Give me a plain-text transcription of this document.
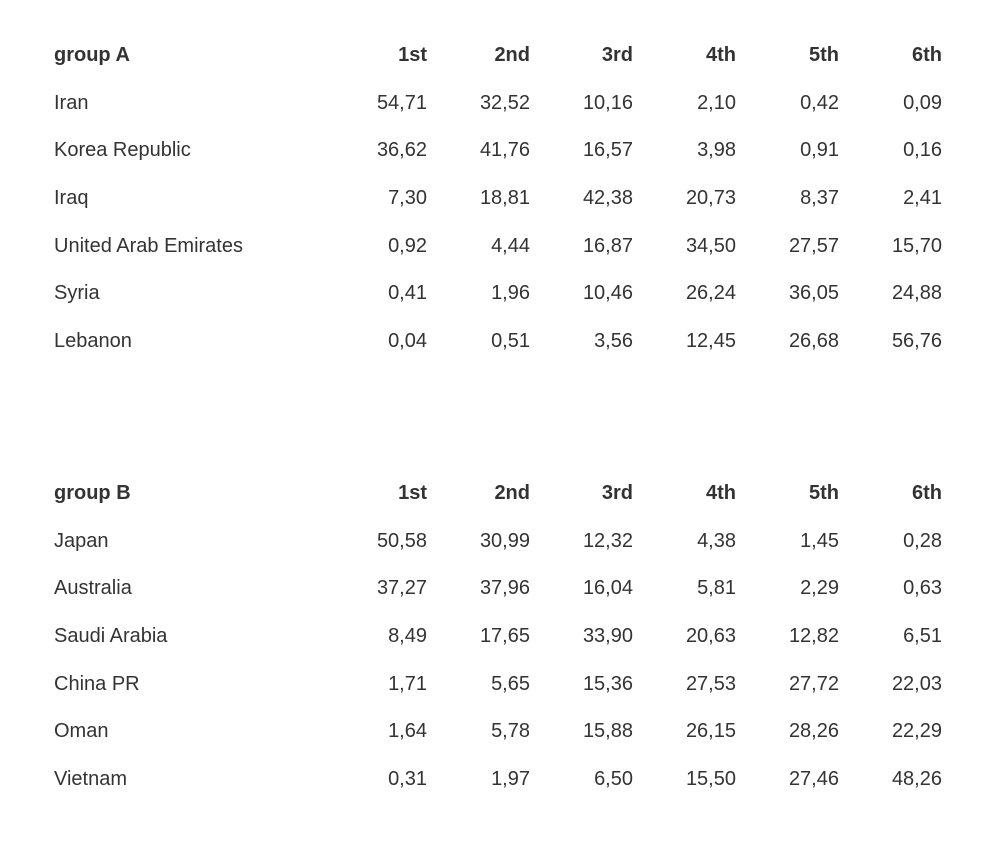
group A	1st	2nd	3rd	4th	5th	6th
Iran	54,71	32,52	10,16	2,10	0,42	0,09
Korea Republic	36,62	41,76	16,57	3,98	0,91	0,16
Iraq	7,30	18,81	42,38	20,73	8,37	2,41
United Arab Emirates	0,92	4,44	16,87	34,50	27,57	15,70
Syria	0,41	1,96	10,46	26,24	36,05	24,88
Lebanon	0,04	0,51	3,56	12,45	26,68	56,76
group B	1st	2nd	3rd	4th	5th	6th
Japan	50,58	30,99	12,32	4,38	1,45	0,28
Australia	37,27	37,96	16,04	5,81	2,29	0,63
Saudi Arabia	8,49	17,65	33,90	20,63	12,82	6,51
China PR	1,71	5,65	15,36	27,53	27,72	22,03
Oman	1,64	5,78	15,88	26,15	28,26	22,29
Vietnam	0,31	1,97	6,50	15,50	27,46	48,26
